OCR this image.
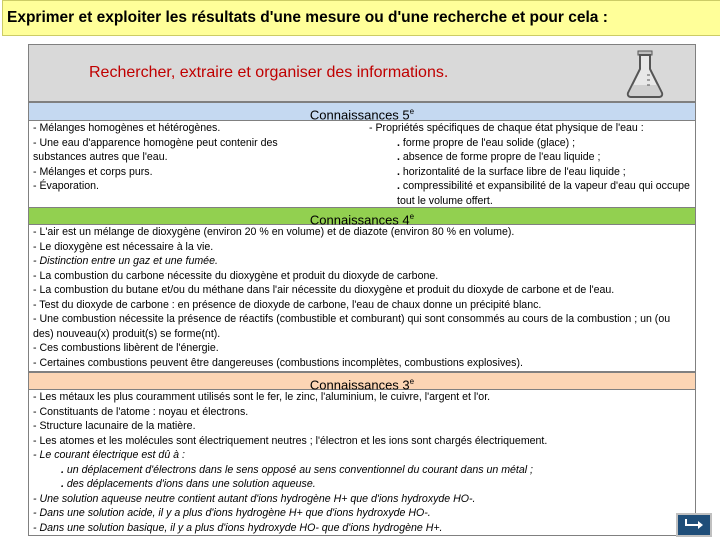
Exprimer et exploiter les résultats d'une mesure ou d'une recherche et pour cela :
Rechercher, extraire et organiser des informations.
Connaissances 5e
- Mélanges homogènes et hétérogènes.
- Une eau d'apparence homogène peut contenir des substances autres que l'eau.
- Mélanges et corps purs.
- Évaporation.
- Propriétés spécifiques de chaque état physique de l'eau :
. forme propre de l'eau solide (glace) ;
. absence de forme propre de l'eau liquide ;
. horizontalité de la surface libre de l'eau liquide ;
. compressibilité et expansibilité de la vapeur d'eau qui occupe tout le volume offert.
Connaissances 4e
- L'air est un mélange de dioxygène (environ 20 % en volume) et de diazote (environ 80 % en volume).
- Le dioxygène est nécessaire à la vie.
- Distinction entre un gaz et une fumée.
- La combustion du carbone nécessite du dioxygène et produit du dioxyde de carbone.
- La combustion du butane et/ou du méthane dans l'air nécessite du dioxygène et produit du dioxyde de carbone et de l'eau.
- Test du dioxyde de carbone : en présence de dioxyde de carbone, l'eau de chaux donne un précipité blanc.
- Une combustion nécessite la présence de réactifs (combustible et comburant) qui sont consommés au cours de la combustion ; un (ou des) nouveau(x) produit(s) se forme(nt).
- Ces combustions libèrent de l'énergie.
- Certaines combustions peuvent être dangereuses (combustions incomplètes, combustions explosives).
Connaissances 3e
- Les métaux les plus couramment utilisés sont le fer, le zinc, l'aluminium, le cuivre, l'argent et l'or.
- Constituants de l'atome : noyau et électrons.
- Structure lacunaire de la matière.
- Les atomes et les molécules sont électriquement neutres ; l'électron et les ions sont chargés électriquement.
- Le courant électrique est dû à :
. un déplacement d'électrons dans le sens opposé au sens conventionnel du courant dans un métal ;
. des déplacements d'ions dans une solution aqueuse.
- Une solution aqueuse neutre contient autant d'ions hydrogène H+ que d'ions hydroxyde HO-.
- Dans une solution acide, il y a plus d'ions hydrogène H+ que d'ions hydroxyde HO-.
- Dans une solution basique, il y a plus d'ions hydroxyde HO- que d'ions hydrogène H+.
